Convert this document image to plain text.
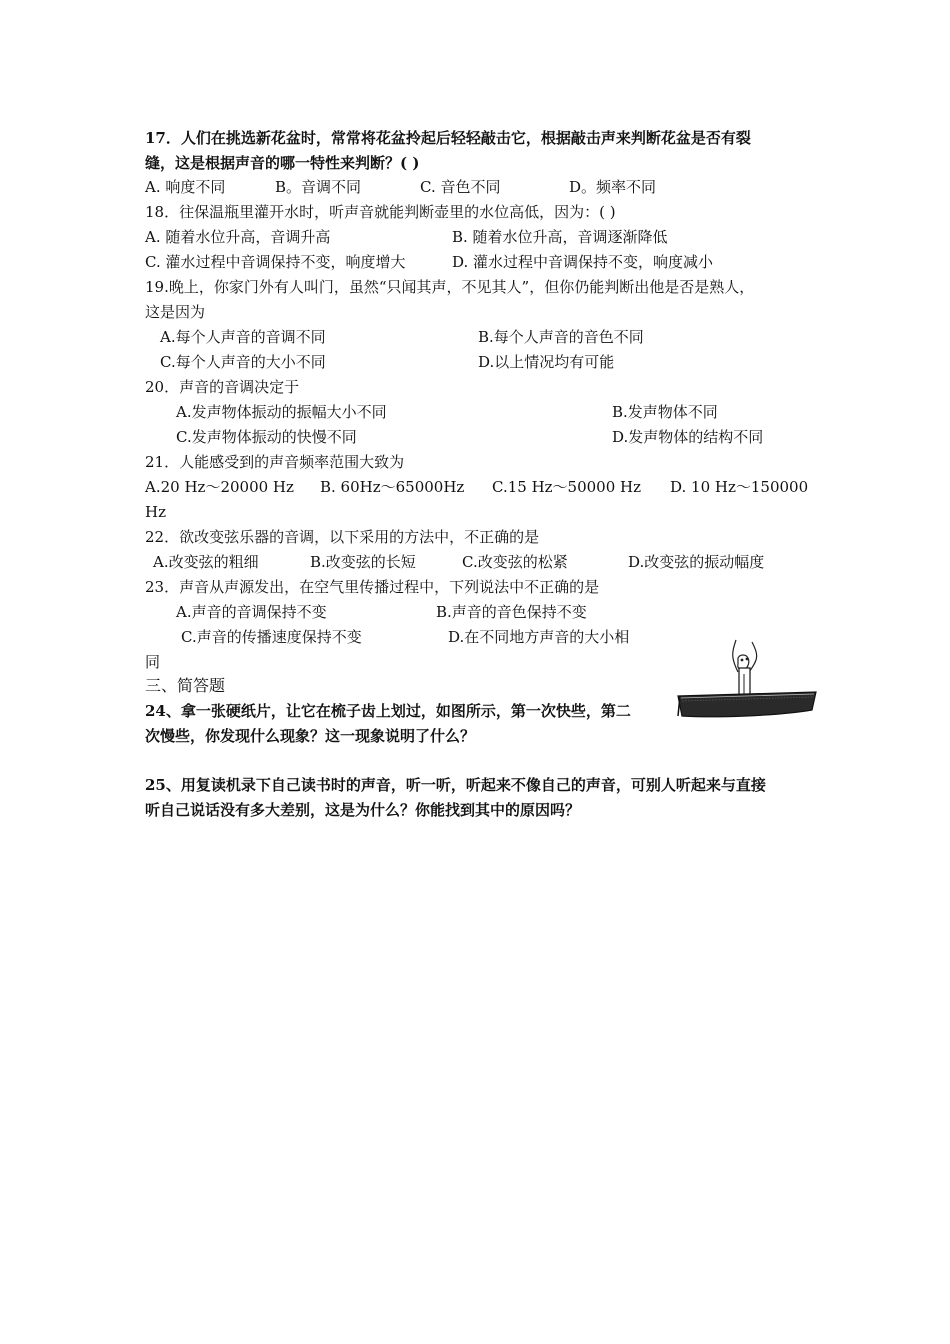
17．人们在挑选新花盆时，常常将花盆拎起后轻轻敲击它，根据敲击声来判断花盆是否有裂
缝，这是根据声音的哪一特性来判断？( )
A. 响度不同	B。音调不同	C. 音色不同	D。频率不同
18．往保温瓶里灌开水时，听声音就能判断壶里的水位高低，因为：( )
A. 随着水位升高，音调升高	B. 随着水位升高，音调逐渐降低
C. 灌水过程中音调保持不变，响度增大	D. 灌水过程中音调保持不变，响度减小
19.晚上，你家门外有人叫门，虽然“只闻其声，不见其人”，但你仍能判断出他是否是熟人，
这是因为
A.每个人声音的音调不同	B.每个人声音的音色不同
C.每个人声音的大小不同	D.以上情况均有可能
20．声音的音调决定于
A.发声物体振动的振幅大小不同	B.发声物体不同
C.发声物体振动的快慢不同	D.发声物体的结构不同
21．人能感受到的声音频率范围大致为
A.20 Hz～20000 Hz B. 60Hz～65000Hz C.15 Hz～50000 Hz D. 10 Hz～150000
Hz
22．欲改变弦乐器的音调，以下采用的方法中，不正确的是
A.改变弦的粗细	B.改变弦的长短	C.改变弦的松紧	D.改变弦的振动幅度
23．声音从声源发出，在空气里传播过程中，下列说法中不正确的是
A.声音的音调保持不变	B.声音的音色保持不变
C.声音的传播速度保持不变	D.在不同地方声音的大小相
同
三、简答题
24、拿一张硬纸片，让它在梳子齿上划过，如图所示，第一次快些，第二
次慢些，你发现什么现象？这一现象说明了什么？
25、用复读机录下自己读书时的声音，听一听，听起来不像自己的声音，可别人听起来与直接
听自己说话没有多大差别，这是为什么？你能找到其中的原因吗？
